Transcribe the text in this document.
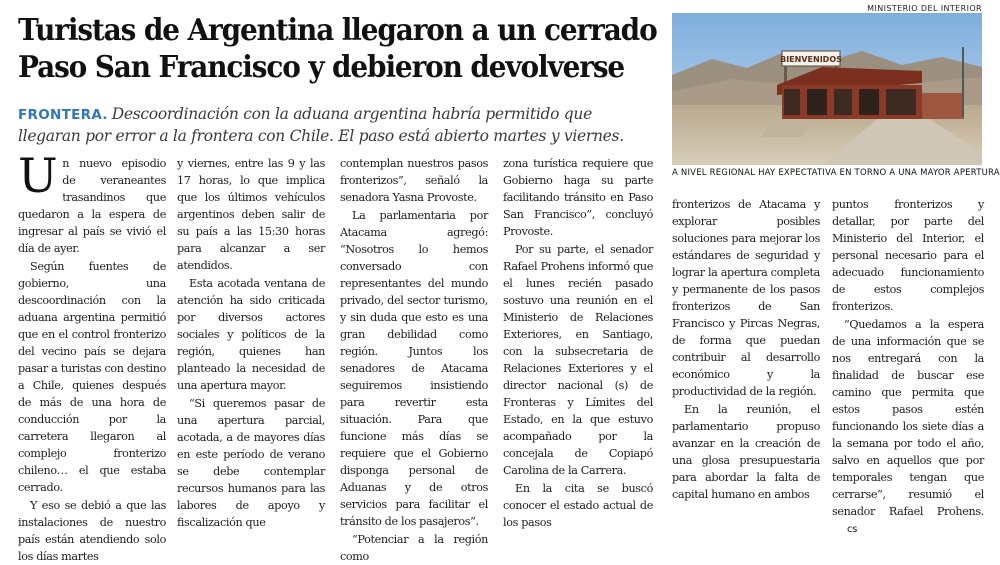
Turistas de Argentina llegaron a un cerrado
Paso San Francisco y debieron devolverse
FRONTERA. Descoordinación con la aduana argentina habría permitido que llegaran por error a la frontera con Chile. El paso está abierto martes y viernes.
MINISTERIO DEL INTERIOR
BIENVENIDOS
A NIVEL REGIONAL HAY EXPECTATIVA EN TORNO A UNA MAYOR APERTURA

Un nuevo episodio de veraneantes trasandinos que quedaron a la espera de ingresar al país se vivió el día de ayer.

Según fuentes de gobierno, una descoordinación con la aduana argentina permitió que en el control fronterizo del vecino país se dejara pasar a turistas con destino a Chile, quienes después de más de una hora de conducción por la carretera llegaron al complejo fronterizo chileno… el que estaba cerrado.

Y eso se debió a que las instalaciones de nuestro país están atendiendo solo los días martes

y viernes, entre las 9 y las 17 horas, lo que implica que los últimos vehículos argentinos deben salir de su país a las 15:30 horas para alcanzar a ser atendidos.

Esta acotada ventana de atención ha sido criticada por diversos actores sociales y políticos de la región, quienes han planteado la necesidad de una apertura mayor.

“Si queremos pasar de una apertura parcial, acotada, a de mayores días en este período de verano se debe contemplar recursos humanos para las labores de apoyo y fiscalización que

contemplan nuestros pasos fronterizos”, señaló la senadora Yasna Provoste.

La parlamentaria por Atacama agregó: “Nosotros lo hemos conversado con representantes del mundo privado, del sector turismo, y sin duda que esto es una gran debilidad como región. Juntos los senadores de Atacama seguiremos insistiendo para revertir esta situación. Para que funcione más días se requiere que el Gobierno disponga personal de Aduanas y de otros servicios para facilitar el tránsito de los pasajeros”.

“Potenciar a la región como

zona turística requiere que Gobierno haga su parte facilitando tránsito en Paso San Francisco”, concluyó Provoste.

Por su parte, el senador Rafael Prohens informó que el lunes recién pasado sostuvo una reunión en el Ministerio de Relaciones Exteriores, en Santiago, con la subsecretaria de Relaciones Exteriores y el director nacional (s) de Fronteras y Límites del Estado, en la que estuvo acompañado por la concejala de Copiapó Carolina de la Carrera.

En la cita se buscó conocer el estado actual de los pasos

fronterizos de Atacama y explorar posibles soluciones para mejorar los estándares de seguridad y lograr la apertura completa y permanente de los pasos fronterizos de San Francisco y Pircas Negras, de forma que puedan contribuir al desarrollo económico y la productividad de la región.

En la reunión, el parlamentario propuso avanzar en la creación de una glosa presupuestaria para abordar la falta de capital humano en ambos

puntos fronterizos y detallar, por parte del Ministerio del Interior, el personal necesario para el adecuado funcionamiento de estos complejos fronterizos.

“Quedamos a la espera de una información que se nos entregará con la finalidad de buscar ese camino que permita que estos pasos estén funcionando los siete días a la semana por todo el año, salvo en aquellos que por temporales tengan que cerrarse”, resumió el senador Rafael Prohens.cs
